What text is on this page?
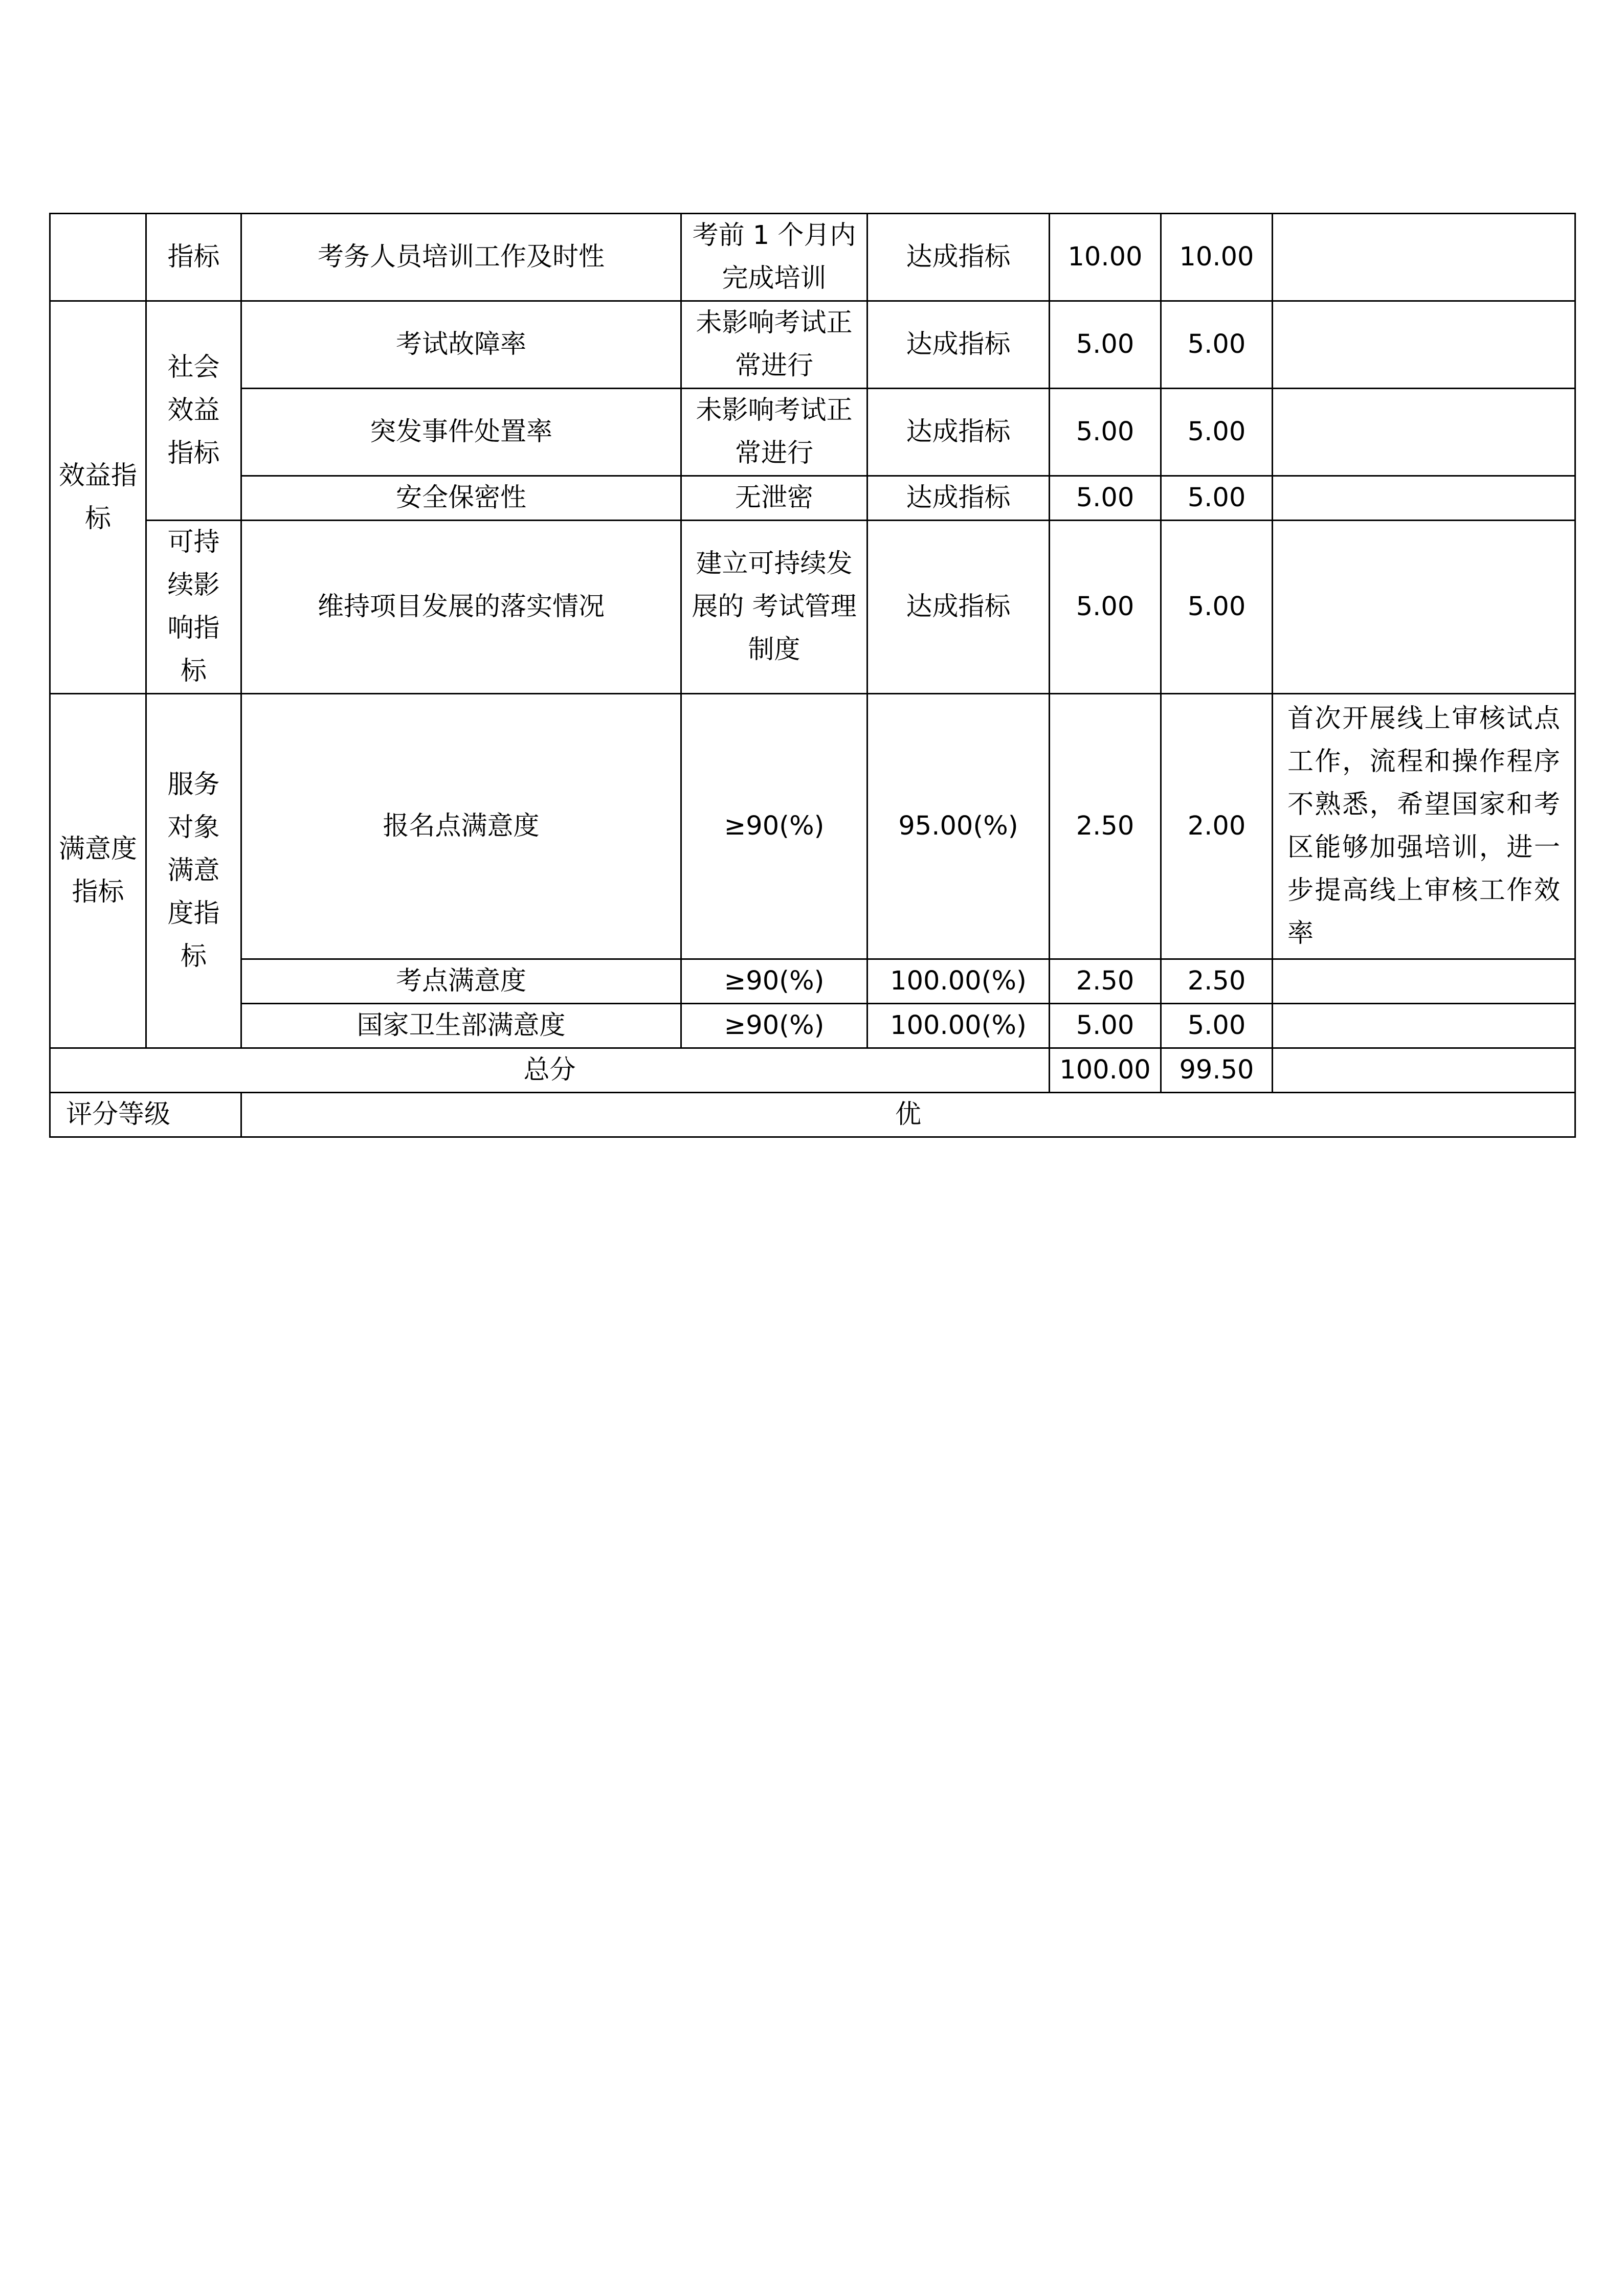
	指标	考务人员培训工作及时性	考前 1 个月内完成培训	达成指标	10.00	10.00	
效益指标	社会效益指标	考试故障率	未影响考试正常进行	达成指标	5.00	5.00	
		突发事件处置率	未影响考试正常进行	达成指标	5.00	5.00	
		安全保密性	无泄密	达成指标	5.00	5.00	
	可持续影响指标	维持项目发展的落实情况	建立可持续发展的 考试管理制度	达成指标	5.00	5.00	
满意度指标	服务对象满意度指标	报名点满意度	≥90(%)	95.00(%)	2.50	2.00	首次开展线上审核试点工作，流程和操作程序不熟悉，希望国家和考区能够加强培训，进一步提高线上审核工作效率
		考点满意度	≥90(%)	100.00(%)	2.50	2.50	
		国家卫生部满意度	≥90(%)	100.00(%)	5.00	5.00	
总分					100.00	99.50	
评分等级		优					
